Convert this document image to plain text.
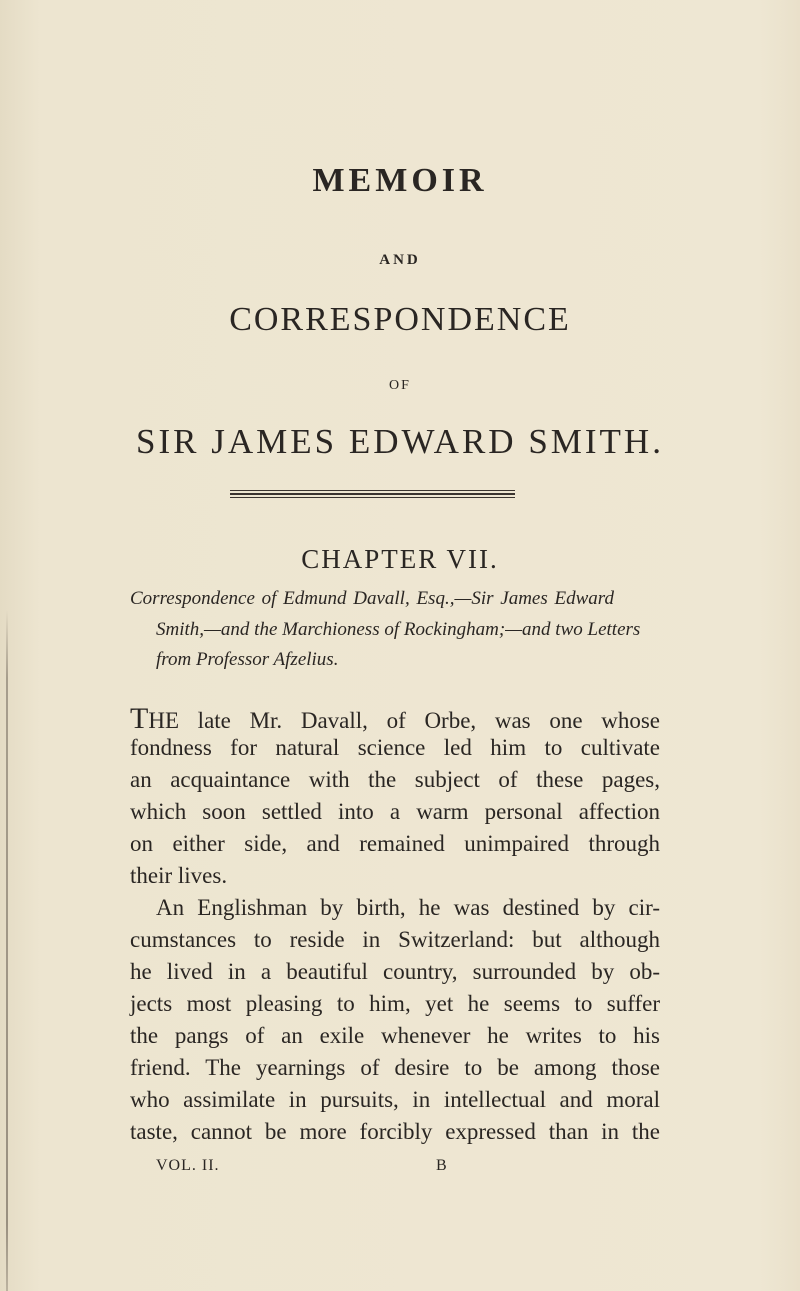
MEMOIR
AND
CORRESPONDENCE
OF
SIR JAMES EDWARD SMITH.
CHAPTER VII.
Correspondence of Edmund Davall, Esq.,—Sir James Edward
Smith,—and the Marchioness of Rockingham;—and two Letters
from Professor Afzelius.
THE late Mr. Davall, of Orbe, was one whose
fondness for natural science led him to cultivate
an acquaintance with the subject of these pages,
which soon settled into a warm personal affection
on either side, and remained unimpaired through
their lives.
An Englishman by birth, he was destined by cir-
cumstances to reside in Switzerland: but although
he lived in a beautiful country, surrounded by ob-
jects most pleasing to him, yet he seems to suffer
the pangs of an exile whenever he writes to his
friend. The yearnings of desire to be among those
who assimilate in pursuits, in intellectual and moral
taste, cannot be more forcibly expressed than in the
VOL. II.	B
